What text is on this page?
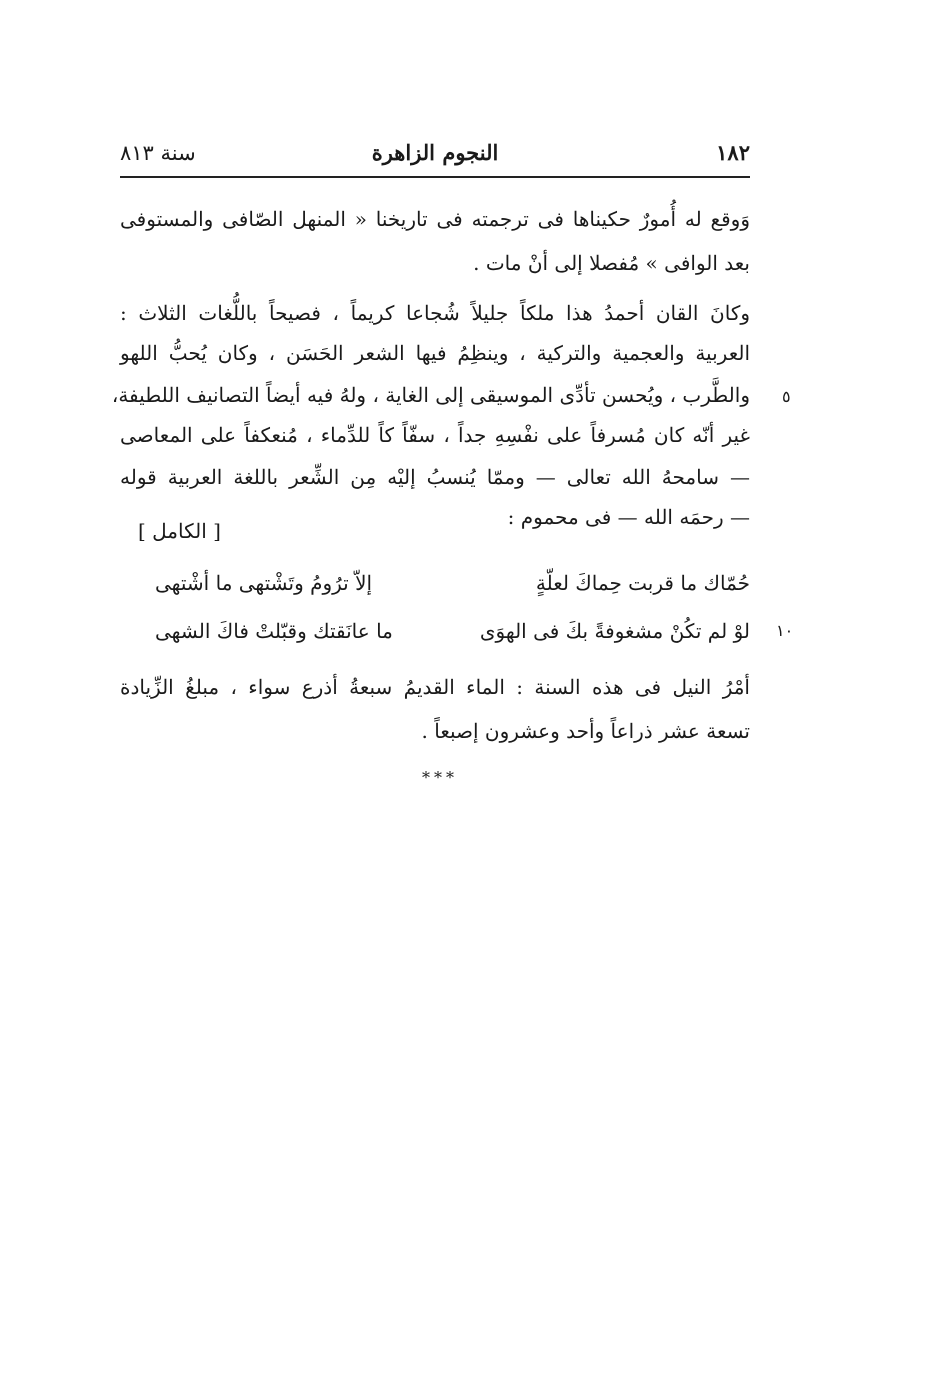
١٨٢
النجوم الزاهرة
سنة ٨١٣
وَوقع له أُمورٌ حكيناها فى ترجمته فى تاريخنا « المنهل الصّافى والمستوفى
بعد الوافى » مُفصلا إلى أنْ مات .
وكانَ القان أحمدُ هذا ملكاً جليلاً شُجاعا كريماً ، فصيحاً باللُّغات الثلاث :
العربية والعجمية والتركية ، وينظِمُ فيها الشعر الحَسَن ، وكان يُحبُّ اللهو
والطَّرب ، ويُحسن تأدِّى الموسيقى إلى الغاية ، ولهُ فيه أيضاً التصانيف اللطيفة،
غير أنّه كان مُسرفاً على نفْسِهِ جداً ، سفّاً كاً للدِّماء ، مُنعكفاً على المعاصى
— سامحهُ الله تعالى — وممّا يُنسبُ إليْه مِن الشِّعر باللغة العربية قوله
— رحمَه الله — فى محموم :
[ الكامل ]
حُمّاك ما قربت حِماكَ لعلّةٍ
إلاّ ترُومُ وتَشْتهى ما أشْتهى
لوْ لم تكُنْ مشغوفةً بكَ فى الهوَى
ما عانَقتك وقبّلتْ فاكَ الشهى
أمْرُ النيل فى هذه السنة : الماء القديمُ سبعةُ أذرع سواء ، مبلغُ الزِّيادة
تسعة عشر ذراعاً وأحد وعشرون إصبعاً .
٥
١٠
***
